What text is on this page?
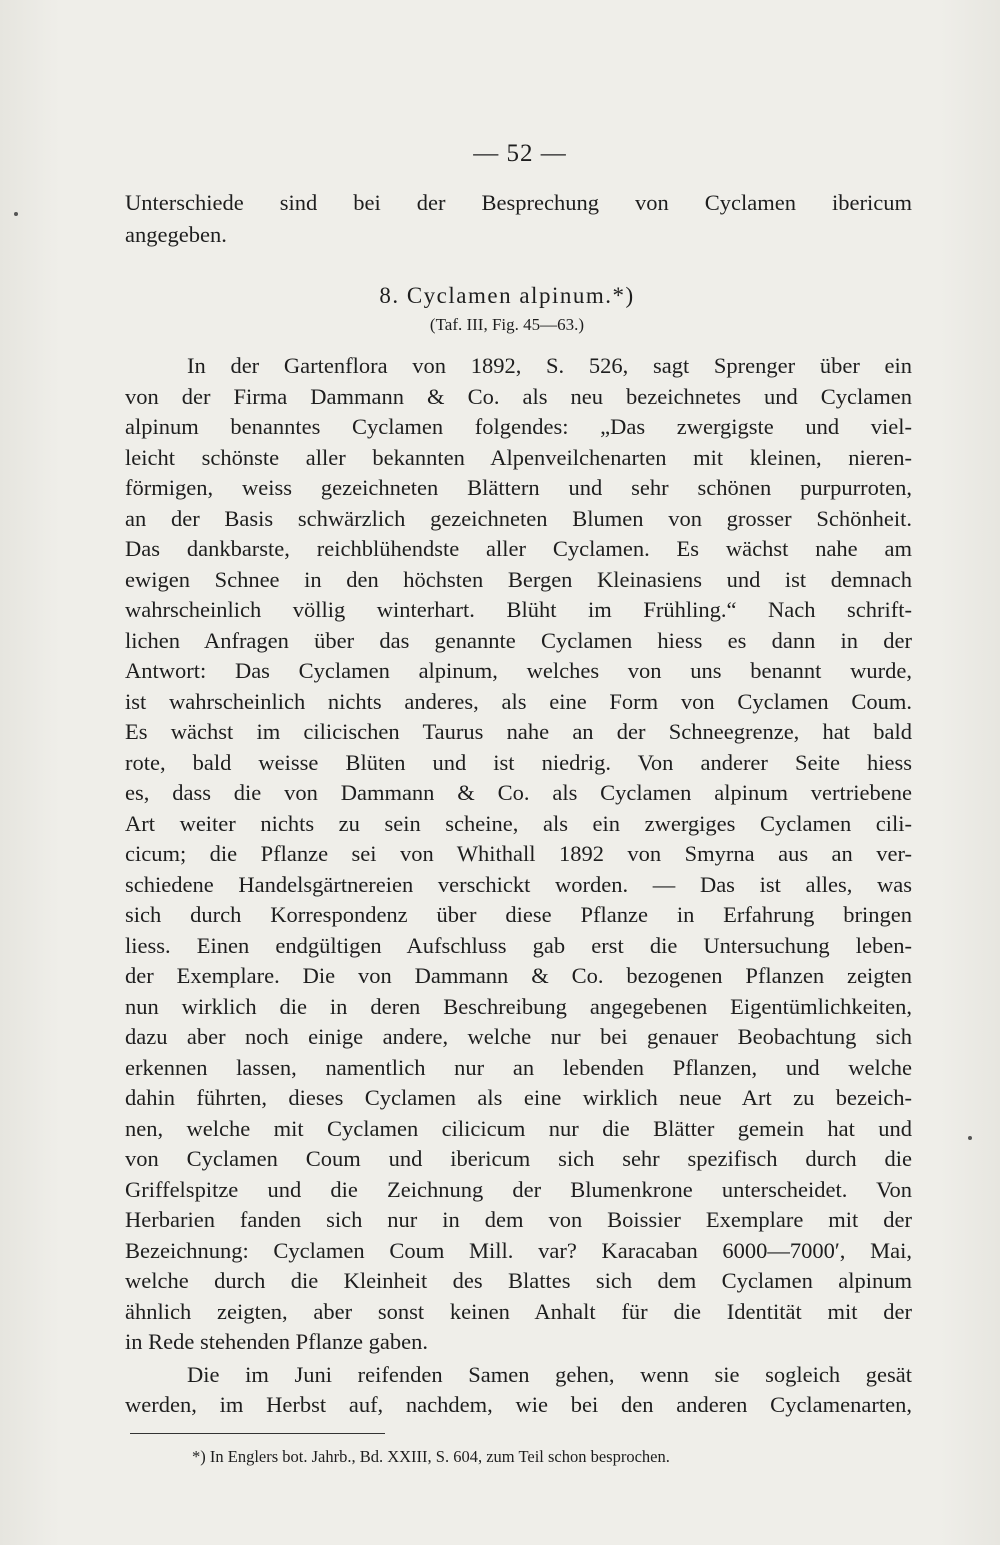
— 52 —
Unterschiede sind bei der Besprechung von Cyclamen ibericum
angegeben.
8. Cyclamen alpinum.*)
(Taf. III, Fig. 45—63.)
In der Gartenflora von 1892, S. 526, sagt Sprenger über ein
von der Firma Dammann & Co. als neu bezeichnetes und Cyclamen
alpinum benanntes Cyclamen folgendes: „Das zwergigste und viel-
leicht schönste aller bekannten Alpenveilchenarten mit kleinen, nieren-
förmigen, weiss gezeichneten Blättern und sehr schönen purpurroten,
an der Basis schwärzlich gezeichneten Blumen von grosser Schönheit.
Das dankbarste, reichblühendste aller Cyclamen. Es wächst nahe am
ewigen Schnee in den höchsten Bergen Kleinasiens und ist demnach
wahrscheinlich völlig winterhart. Blüht im Frühling.“ Nach schrift-
lichen Anfragen über das genannte Cyclamen hiess es dann in der
Antwort: Das Cyclamen alpinum, welches von uns benannt wurde,
ist wahrscheinlich nichts anderes, als eine Form von Cyclamen Coum.
Es wächst im cilicischen Taurus nahe an der Schneegrenze, hat bald
rote, bald weisse Blüten und ist niedrig. Von anderer Seite hiess
es, dass die von Dammann & Co. als Cyclamen alpinum vertriebene
Art weiter nichts zu sein scheine, als ein zwergiges Cyclamen cili-
cicum; die Pflanze sei von Whithall 1892 von Smyrna aus an ver-
schiedene Handelsgärtnereien verschickt worden. — Das ist alles, was
sich durch Korrespondenz über diese Pflanze in Erfahrung bringen
liess. Einen endgültigen Aufschluss gab erst die Untersuchung leben-
der Exemplare. Die von Dammann & Co. bezogenen Pflanzen zeigten
nun wirklich die in deren Beschreibung angegebenen Eigentümlichkeiten,
dazu aber noch einige andere, welche nur bei genauer Beobachtung sich
erkennen lassen, namentlich nur an lebenden Pflanzen, und welche
dahin führten, dieses Cyclamen als eine wirklich neue Art zu bezeich-
nen, welche mit Cyclamen cilicicum nur die Blätter gemein hat und
von Cyclamen Coum und ibericum sich sehr spezifisch durch die
Griffelspitze und die Zeichnung der Blumenkrone unterscheidet. Von
Herbarien fanden sich nur in dem von Boissier Exemplare mit der
Bezeichnung: Cyclamen Coum Mill. var? Karacaban 6000—7000′, Mai,
welche durch die Kleinheit des Blattes sich dem Cyclamen alpinum
ähnlich zeigten, aber sonst keinen Anhalt für die Identität mit der
in Rede stehenden Pflanze gaben.
Die im Juni reifenden Samen gehen, wenn sie sogleich gesät
werden, im Herbst auf, nachdem, wie bei den anderen Cyclamenarten,
*) In Englers bot. Jahrb., Bd. XXIII, S. 604, zum Teil schon besprochen.
